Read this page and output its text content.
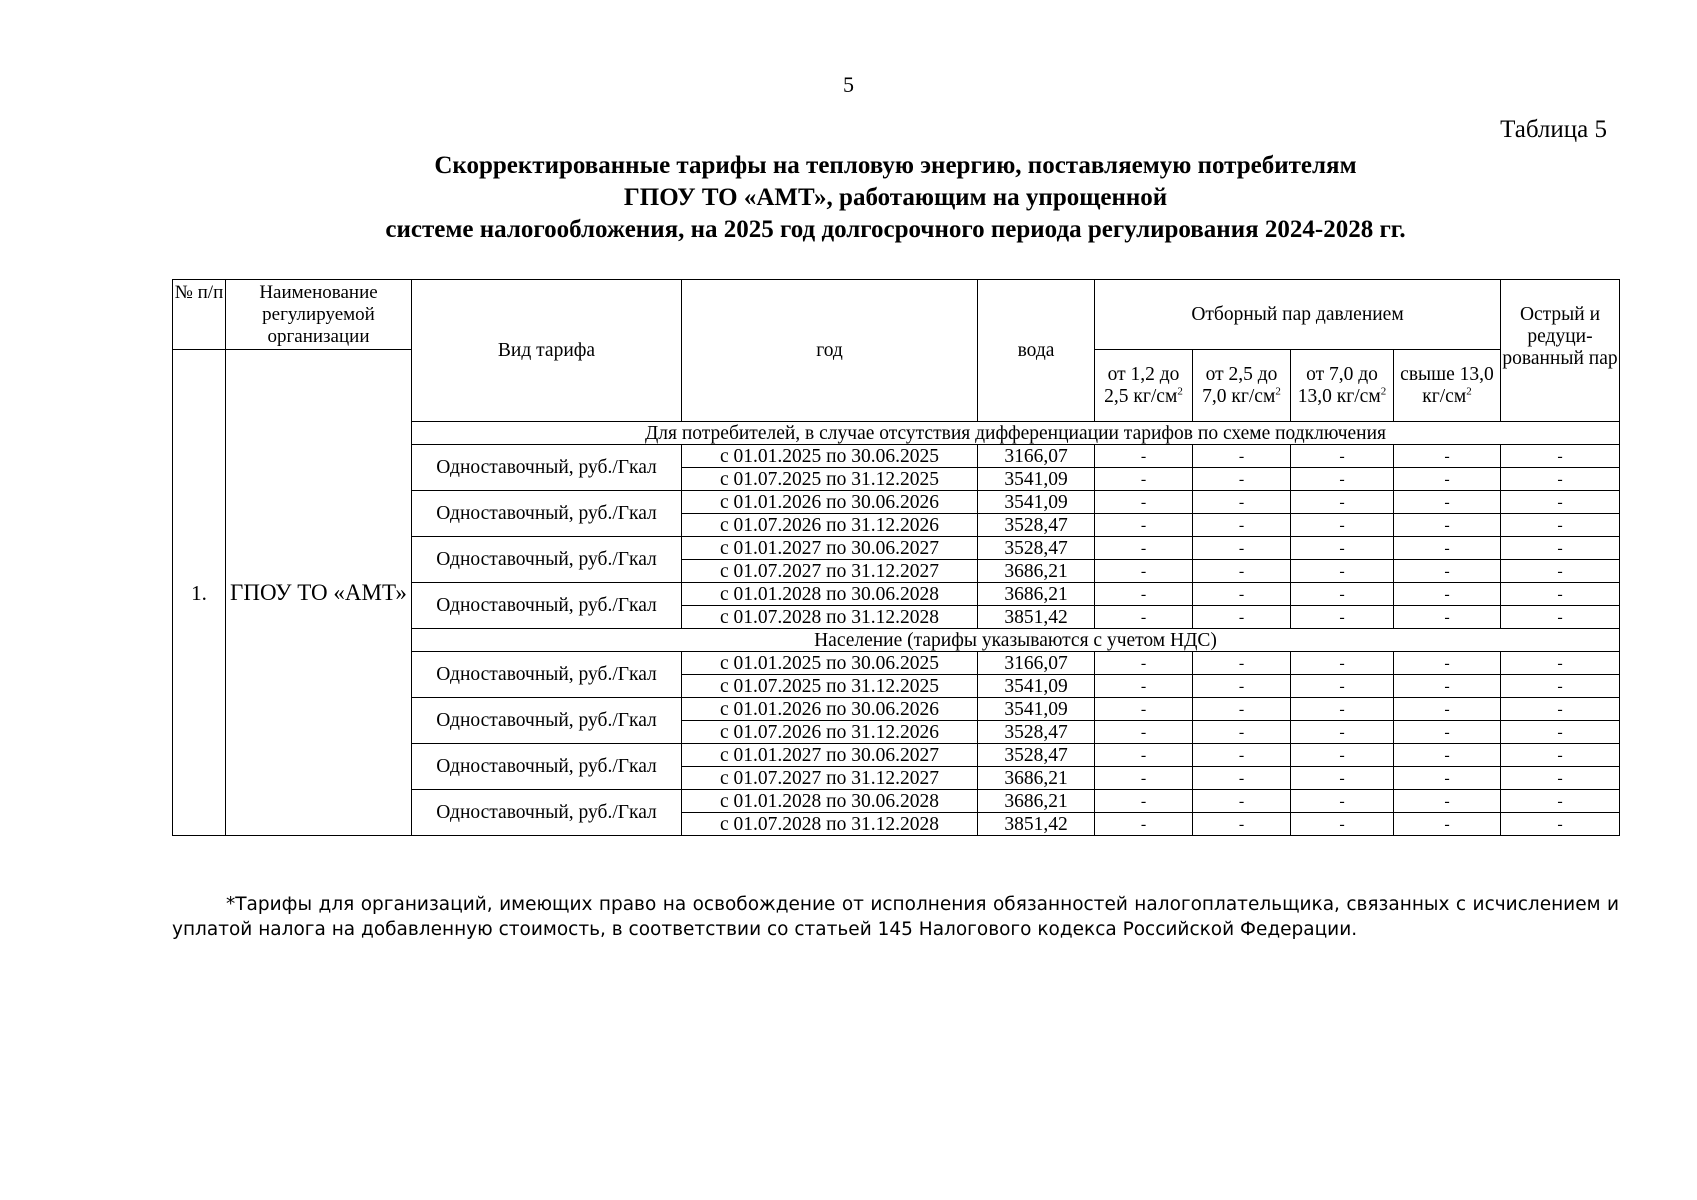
5
Таблица 5
Скорректированные тарифы на тепловую энергию, поставляемую потребителям
ГПОУ ТО «АМТ», работающим на упрощенной
системе налогообложения, на 2025 год долгосрочного периода регулирования 2024-2028 гг.
№ п/п	Наименование регулируемой организации	Вид тарифа	год	вода	Отборный пар давлением				Острый и редуци-рованный пар
1.	ГПОУ ТО «АМТ»				от 1,2 до 2,5 $кг/см^2$	от 2,5 до 7,0 $кг/см^2$	от 7,0 до 13,0 $кг/см^2$	свыше 13,0 $кг/см^2$
		Для потребителей, в случае отсутствия дифференциации тарифов по схеме подключения							
		Одноставочный, руб./Гкал	с 01.01.2025 по 30.06.2025	3166,07	-	-	-	-	-
			с 01.07.2025 по 31.12.2025	3541,09	-	-	-	-	-
		Одноставочный, руб./Гкал	с 01.01.2026 по 30.06.2026	3541,09	-	-	-	-	-
			с 01.07.2026 по 31.12.2026	3528,47	-	-	-	-	-
		Одноставочный, руб./Гкал	с 01.01.2027 по 30.06.2027	3528,47	-	-	-	-	-
			с 01.07.2027 по 31.12.2027	3686,21	-	-	-	-	-
		Одноставочный, руб./Гкал	с 01.01.2028 по 30.06.2028	3686,21	-	-	-	-	-
			с 01.07.2028 по 31.12.2028	3851,42	-	-	-	-	-
		Население (тарифы указываются с учетом НДС)							
		Одноставочный, руб./Гкал	с 01.01.2025 по 30.06.2025	3166,07	-	-	-	-	-
			с 01.07.2025 по 31.12.2025	3541,09	-	-	-	-	-
		Одноставочный, руб./Гкал	с 01.01.2026 по 30.06.2026	3541,09	-	-	-	-	-
			с 01.07.2026 по 31.12.2026	3528,47	-	-	-	-	-
		Одноставочный, руб./Гкал	с 01.01.2027 по 30.06.2027	3528,47	-	-	-	-	-
			с 01.07.2027 по 31.12.2027	3686,21	-	-	-	-	-
		Одноставочный, руб./Гкал	с 01.01.2028 по 30.06.2028	3686,21	-	-	-	-	-
			с 01.07.2028 по 31.12.2028	3851,42	-	-	-	-	-
*Тарифы для организаций, имеющих право на освобождение от исполнения обязанностей налогоплательщика, связанных с исчислением и уплатой налога на добавленную стоимость, в соответствии со статьей 145 Налогового кодекса Российской Федерации.
